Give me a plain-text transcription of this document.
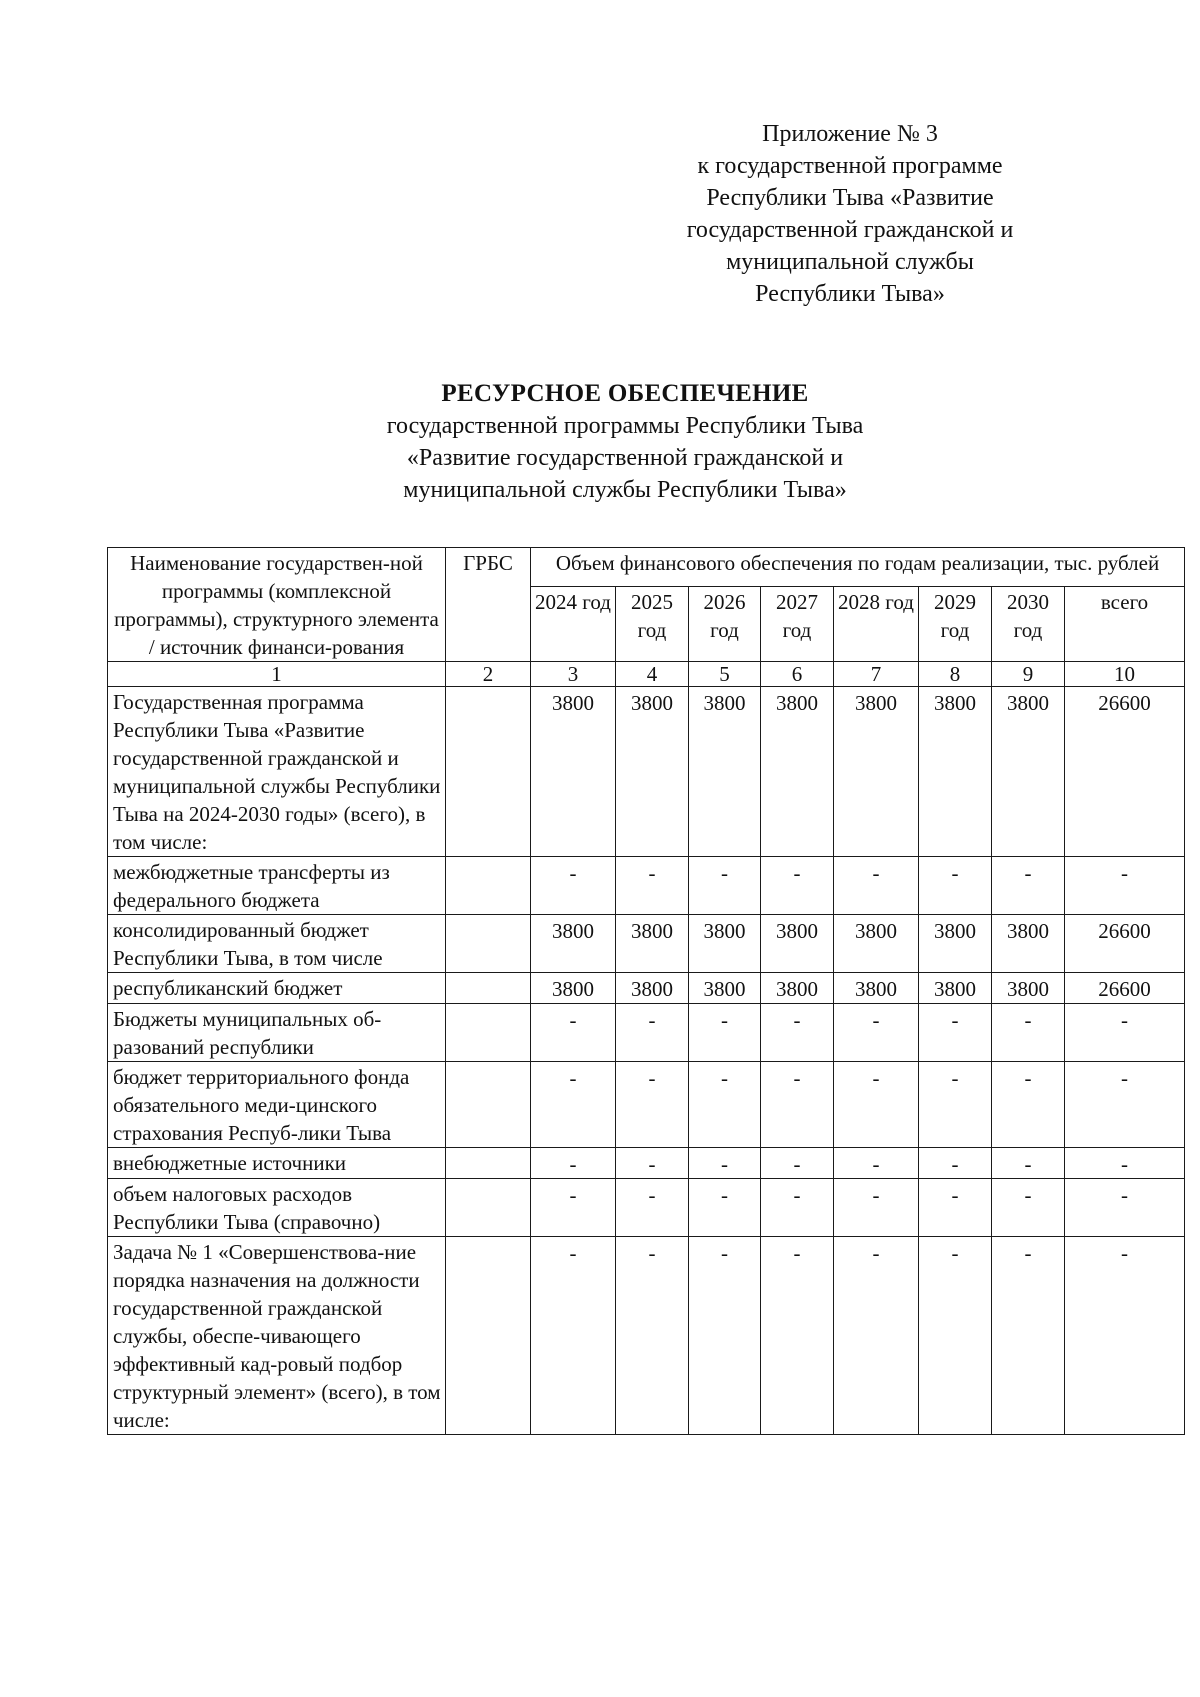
Приложение № 3
к государственной программе
Республики Тыва «Развитие
государственной гражданской и
муниципальной службы
Республики Тыва»
РЕСУРСНОЕ ОБЕСПЕЧЕНИЕ
государственной программы Республики Тыва
«Развитие государственной гражданской и
муниципальной службы Республики Тыва»
Наименование государствен-ной программы (комплексной программы), структурного элемента / источник финанси-рования	ГРБС	Объем финансового обеспечения по годам реализации, тыс. рублей							
		2024 год	2025 год	2026 год	2027 год	2028 год	2029 год	2030 год	всего
1	2	3	4	5	6	7	8	9	10
Государственная программа Республики Тыва «Развитие государственной гражданской и муниципальной службы Республики Тыва на 2024-2030 годы» (всего), в том числе:		3800	3800	3800	3800	3800	3800	3800	26600
межбюджетные трансферты из федерального бюджета		-	-	-	-	-	-	-	-
консолидированный бюджет Республики Тыва, в том числе		3800	3800	3800	3800	3800	3800	3800	26600
республиканский бюджет		3800	3800	3800	3800	3800	3800	3800	26600
Бюджеты муниципальных об-разований республики		-	-	-	-	-	-	-	-
бюджет территориального фонда обязательного меди-цинского страхования Респуб-лики Тыва		-	-	-	-	-	-	-	-
внебюджетные источники		-	-	-	-	-	-	-	-
объем налоговых расходов Республики Тыва (справочно)		-	-	-	-	-	-	-	-
Задача № 1 «Совершенствова-ние порядка назначения на должности государственной гражданской службы, обеспе-чивающего эффективный кад-ровый подбор структурный элемент» (всего), в том числе:		-	-	-	-	-	-	-	-
